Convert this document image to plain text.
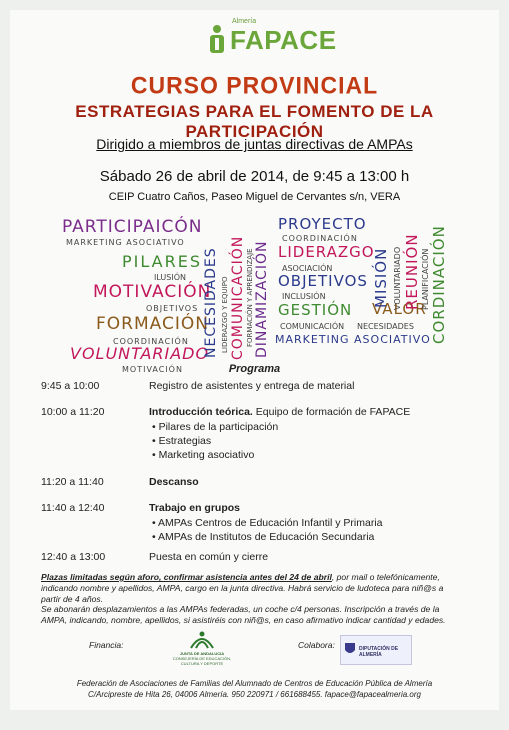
Almería
FAPACE
CURSO PROVINCIAL
ESTRATEGIAS PARA EL FOMENTO DE LA PARTICIPACIÓN
Dirigido a miembros de juntas directivas de AMPAs
Sábado 26 de abril de 2014, de 9:45 a 13:00 h
CEIP Cuatro Caños, Paseo Miguel de Cervantes s/n, VERA
PARTICIPAICÓN
MARKETING ASOCIATIVO
PILARES
ILUSIÓN
MOTIVACIÓN
OBJETIVOS
FORMACIÓN
COORDINACIÓN
VOLUNTARIADO
MOTIVACIÓN
NECESIDADES LIDERAZGO Y EQUIPO COMUNICACIÓN FORMACIÓN Y APRENDIZAJE DINAMIZACIÓN
PROYECTO
COORDINACIÓN
LIDERAZGO
ASOCIACIÓN
OBJETIVOS
INCLUSIÓN
GESTIÓN
COMUNICACIÓN NECESIDADES
VALOR
MARKETING ASOCIATIVO
MISIÓN VOLUNTARIADO REUNIÓN PLANIFICACIÓN CORDINACIÓN
Programa
9:45 a 10:00	Registro de asistentes y entrega de material
10:00 a 11:20	Introducción teórica. Equipo de formación de FAPACE
• Pilares de la participación
• Estrategias
• Marketing asociativo
11:20 a 11:40	Descanso
11:40 a 12:40	Trabajo en grupos
• AMPAs Centros de Educación Infantil y Primaria
• AMPAs de Institutos de Educación Secundaria
12:40 a 13:00	Puesta en común y cierre
Plazas limitadas según aforo, confirmar asistencia antes del 24 de abril, por mail o telefónicamente, indicando nombre y apellidos, AMPA, cargo en la junta directiva. Habrá servicio de ludoteca para niñ@s a partir de 4 años.
Se abonarán desplazamientos a las AMPAs federadas, un coche c/4 personas. Inscripción a través de la AMPA, indicando, nombre, apellidos, si asistiréis con niñ@s, en caso afirmativo indicar cantidad y edades.
Financia:
JUNTA DE ANDALUCIA
CONSEJERÍA DE EDUCACIÓN, CULTURA Y DEPORTE
Colabora:	DIPUTACIÓN DE ALMERÍA
Federación de Asociaciones de Familias del Alumnado de Centros de Educación Pública de Almería
C/Arcipreste de Hita 26, 04006 Almería. 950 220971 / 661688455. fapace@fapacealmeria.org
